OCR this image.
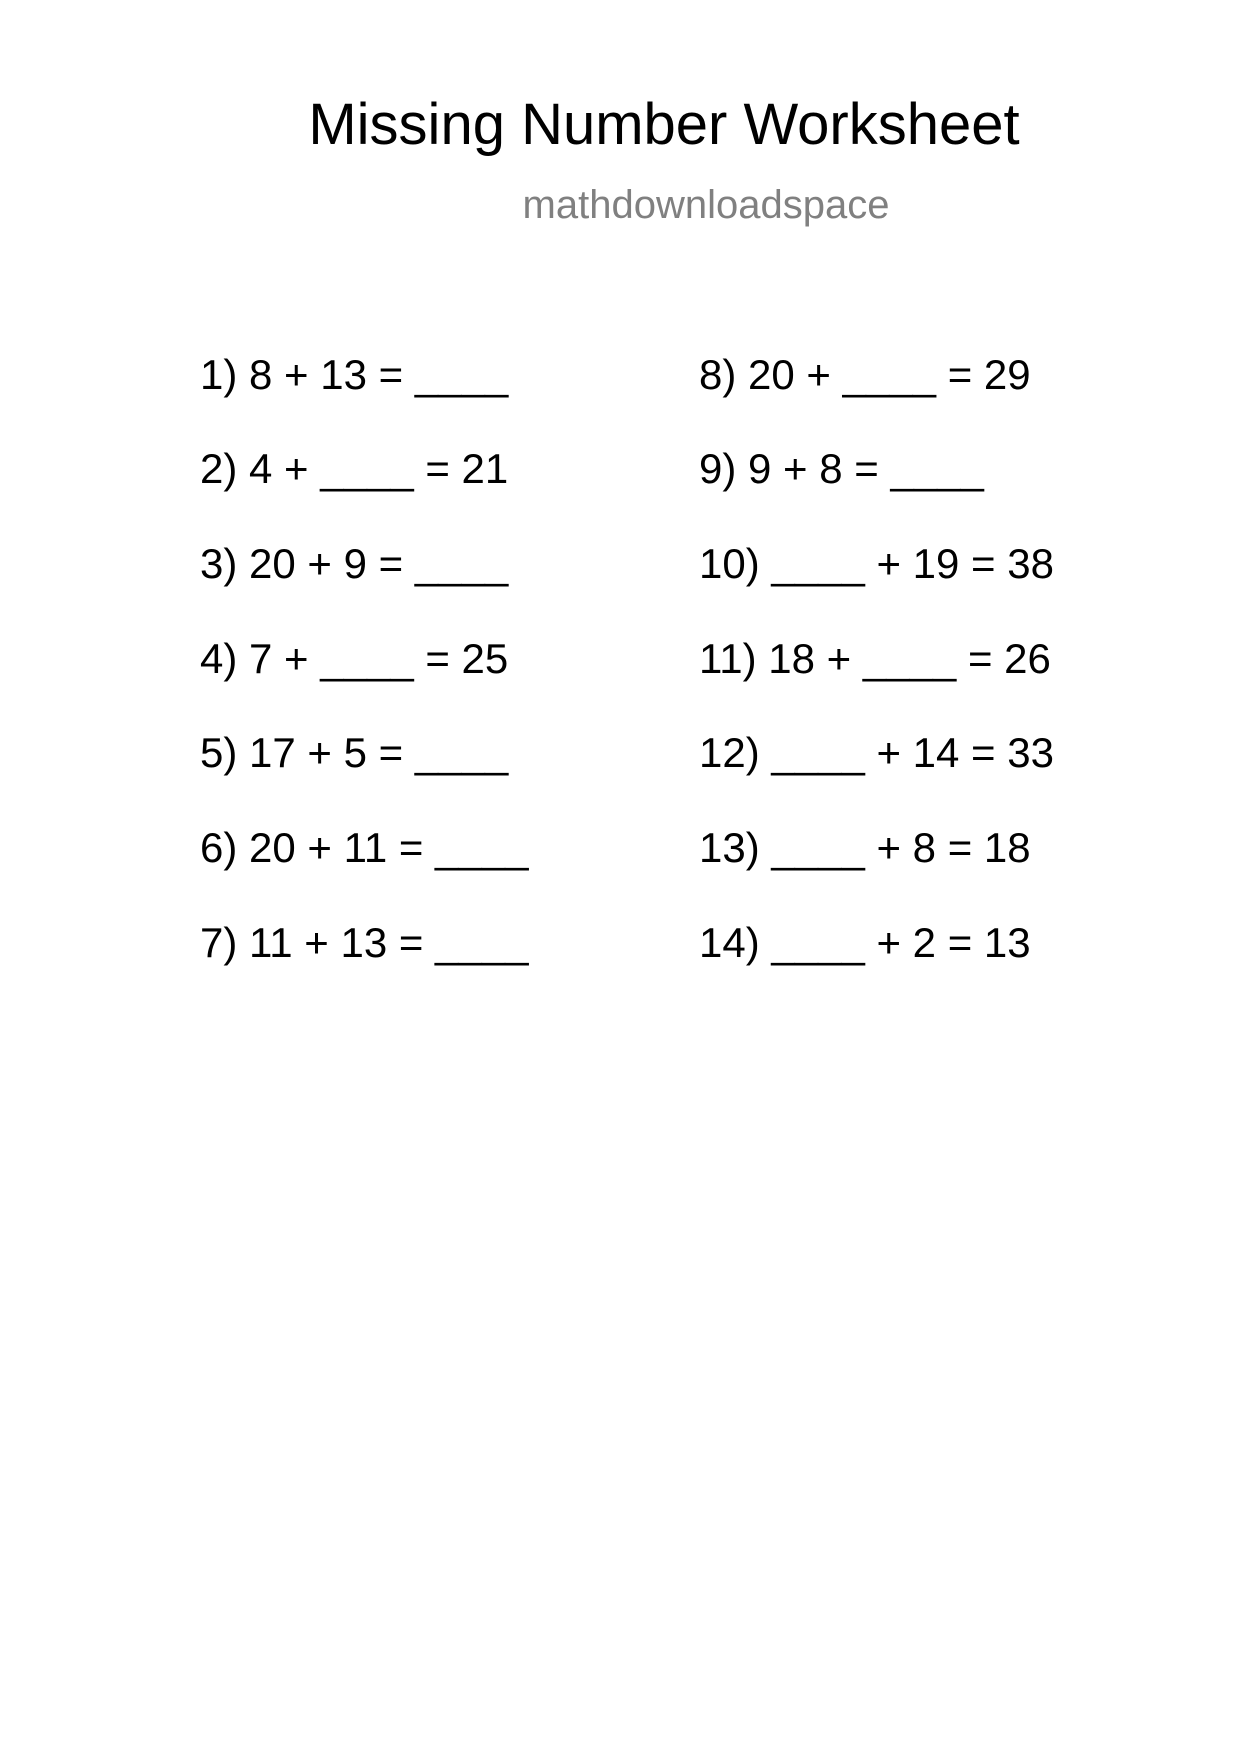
Missing Number Worksheet
mathdownloadspace
1) 8 + 13 = ____
2) 4 + ____ = 21
3) 20 + 9 = ____
4) 7 + ____ = 25
5) 17 + 5 = ____
6) 20 + 11 = ____
7) 11 + 13 = ____
8) 20 + ____ = 29
9) 9 + 8 = ____
10) ____ + 19 = 38
11) 18 + ____ = 26
12) ____ + 14 = 33
13) ____ + 8 = 18
14) ____ + 2 = 13
